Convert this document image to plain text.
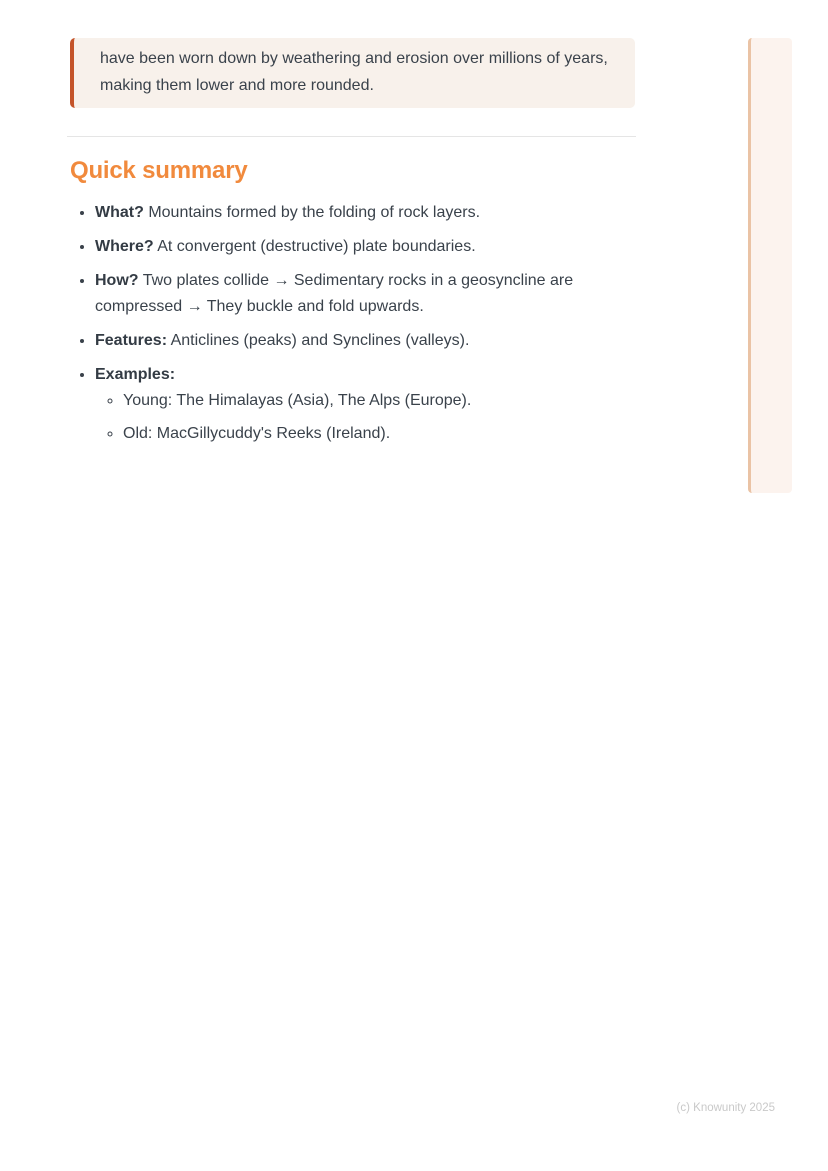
have been worn down by weathering and erosion over millions of years, making them lower and more rounded.
Quick summary
• What? Mountains formed by the folding of rock layers.
• Where? At convergent (destructive) plate boundaries.
• How? Two plates collide → Sedimentary rocks in a geosyncline are compressed → They buckle and fold upwards.
• Features: Anticlines (peaks) and Synclines (valleys).
• Examples:
◦ Young: The Himalayas (Asia), The Alps (Europe).
◦ Old: MacGillycuddy's Reeks (Ireland).
(c) Knowunity 2025
